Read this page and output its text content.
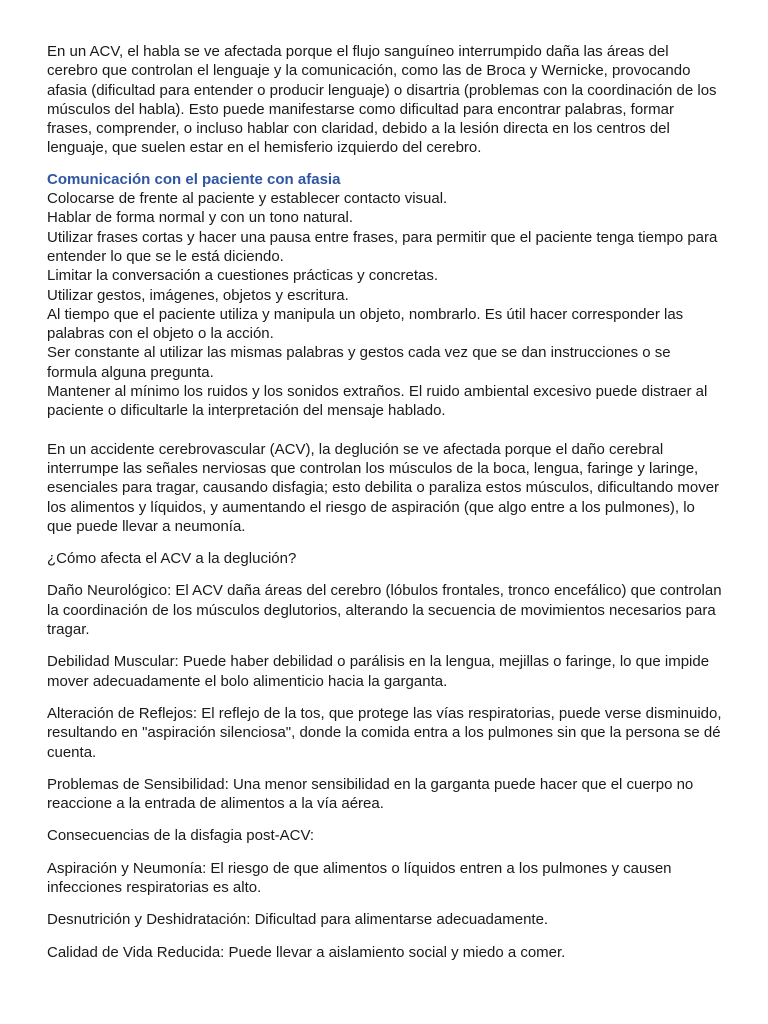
En un ACV, el habla se ve afectada porque el flujo sanguíneo interrumpido daña las áreas del cerebro que controlan el lenguaje y la comunicación, como las de Broca y Wernicke, provocando afasia (dificultad para entender o producir lenguaje) o disartria (problemas con la coordinación de los músculos del habla). Esto puede manifestarse como dificultad para encontrar palabras, formar frases, comprender, o incluso hablar con claridad, debido a la lesión directa en los centros del lenguaje, que suelen estar en el hemisferio izquierdo del cerebro.

Comunicación con el paciente con afasia

Colocarse de frente al paciente y establecer contacto visual.

Hablar de forma normal y con un tono natural.

Utilizar frases cortas y hacer una pausa entre frases, para permitir que el paciente tenga tiempo para entender lo que se le está diciendo.

Limitar la conversación a cuestiones prácticas y concretas.

Utilizar gestos, imágenes, objetos y escritura.

Al tiempo que el paciente utiliza y manipula un objeto, nombrarlo. Es útil hacer corresponder las palabras con el objeto o la acción.

Ser constante al utilizar las mismas palabras y gestos cada vez que se dan instrucciones o se formula alguna pregunta.

Mantener al mínimo los ruidos y los sonidos extraños. El ruido ambiental excesivo puede distraer al paciente o dificultarle la interpretación del mensaje hablado.

En un accidente cerebrovascular (ACV), la deglución se ve afectada porque el daño cerebral interrumpe las señales nerviosas que controlan los músculos de la boca, lengua, faringe y laringe, esenciales para tragar, causando disfagia; esto debilita o paraliza estos músculos, dificultando mover los alimentos y líquidos, y aumentando el riesgo de aspiración (que algo entre a los pulmones), lo que puede llevar a neumonía.

¿Cómo afecta el ACV a la deglución?

Daño Neurológico: El ACV daña áreas del cerebro (lóbulos frontales, tronco encefálico) que controlan la coordinación de los músculos deglutorios, alterando la secuencia de movimientos necesarios para tragar.

Debilidad Muscular: Puede haber debilidad o parálisis en la lengua, mejillas o faringe, lo que impide mover adecuadamente el bolo alimenticio hacia la garganta.

Alteración de Reflejos: El reflejo de la tos, que protege las vías respiratorias, puede verse disminuido, resultando en "aspiración silenciosa", donde la comida entra a los pulmones sin que la persona se dé cuenta.

Problemas de Sensibilidad: Una menor sensibilidad en la garganta puede hacer que el cuerpo no reaccione a la entrada de alimentos a la vía aérea.

Consecuencias de la disfagia post-ACV:

Aspiración y Neumonía: El riesgo de que alimentos o líquidos entren a los pulmones y causen infecciones respiratorias es alto.

Desnutrición y Deshidratación: Dificultad para alimentarse adecuadamente.

Calidad de Vida Reducida: Puede llevar a aislamiento social y miedo a comer.
